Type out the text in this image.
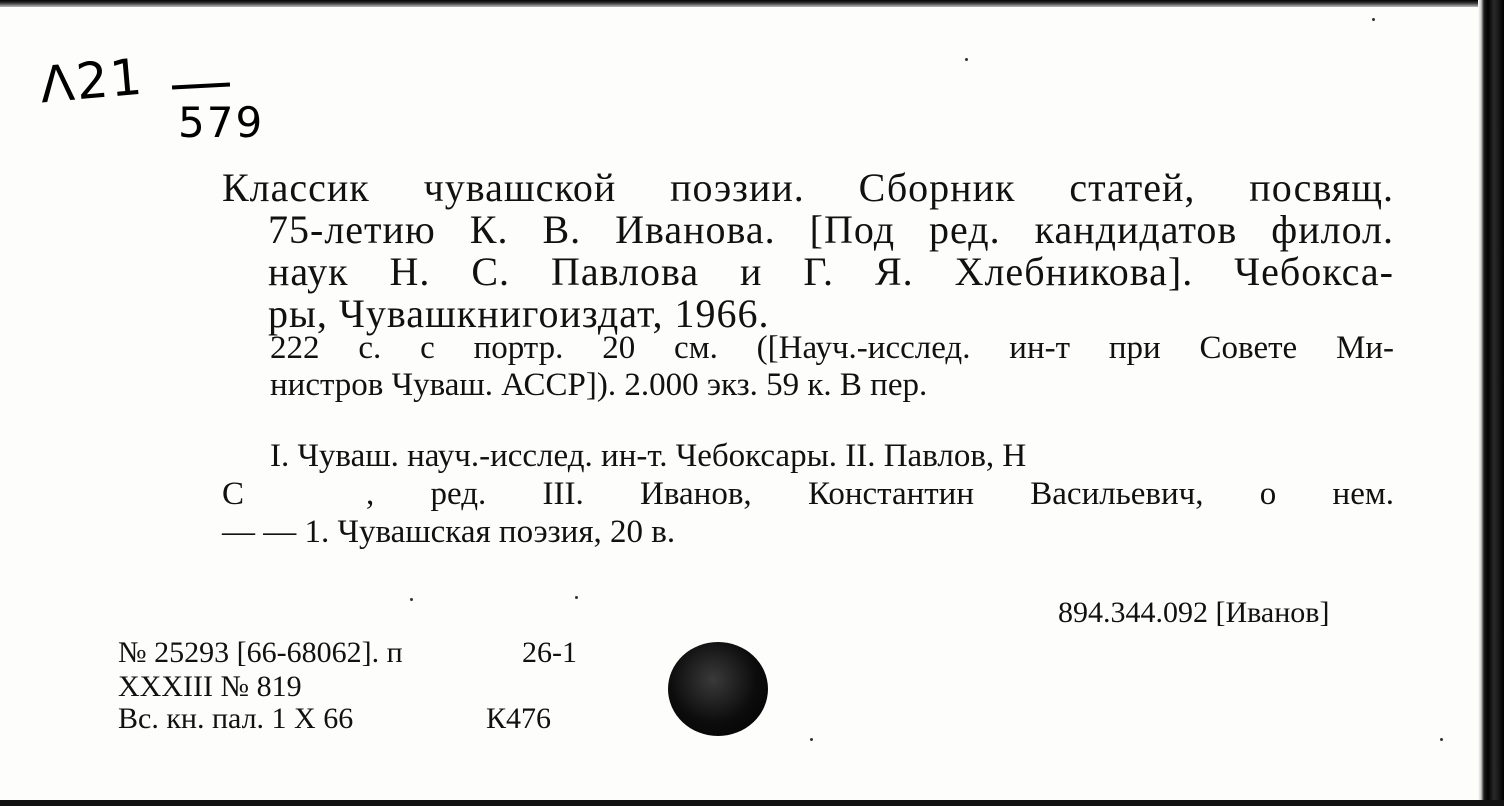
Λ21
579
Классик чувашской поэзии. Сборник статей, посвящ.
75-летию К. В. Иванова. [Под ред. кандидатов филол.
наук Н. С. Павлова и Г. Я. Хлебникова]. Чебокса-
ры, Чувашкнигоиздат, 1966.
222 с. с портр. 20 см. ([Науч.-исслед. ин-т при Совете Ми-
нистров Чуваш. АССР]). 2.000 экз. 59 к. В пер.
I. Чуваш. науч.-исслед. ин-т. Чебоксары. II. Павлов, Н
С	, ред. III. Иванов, Константин Васильевич, о нем.
— — 1. Чувашская поэзия, 20 в.
894.344.092 [Иванов]
№ 25293 [66-68062]. п	26-1
XXXIII № 819
Вс. кн. пал. 1 X 66	К476
